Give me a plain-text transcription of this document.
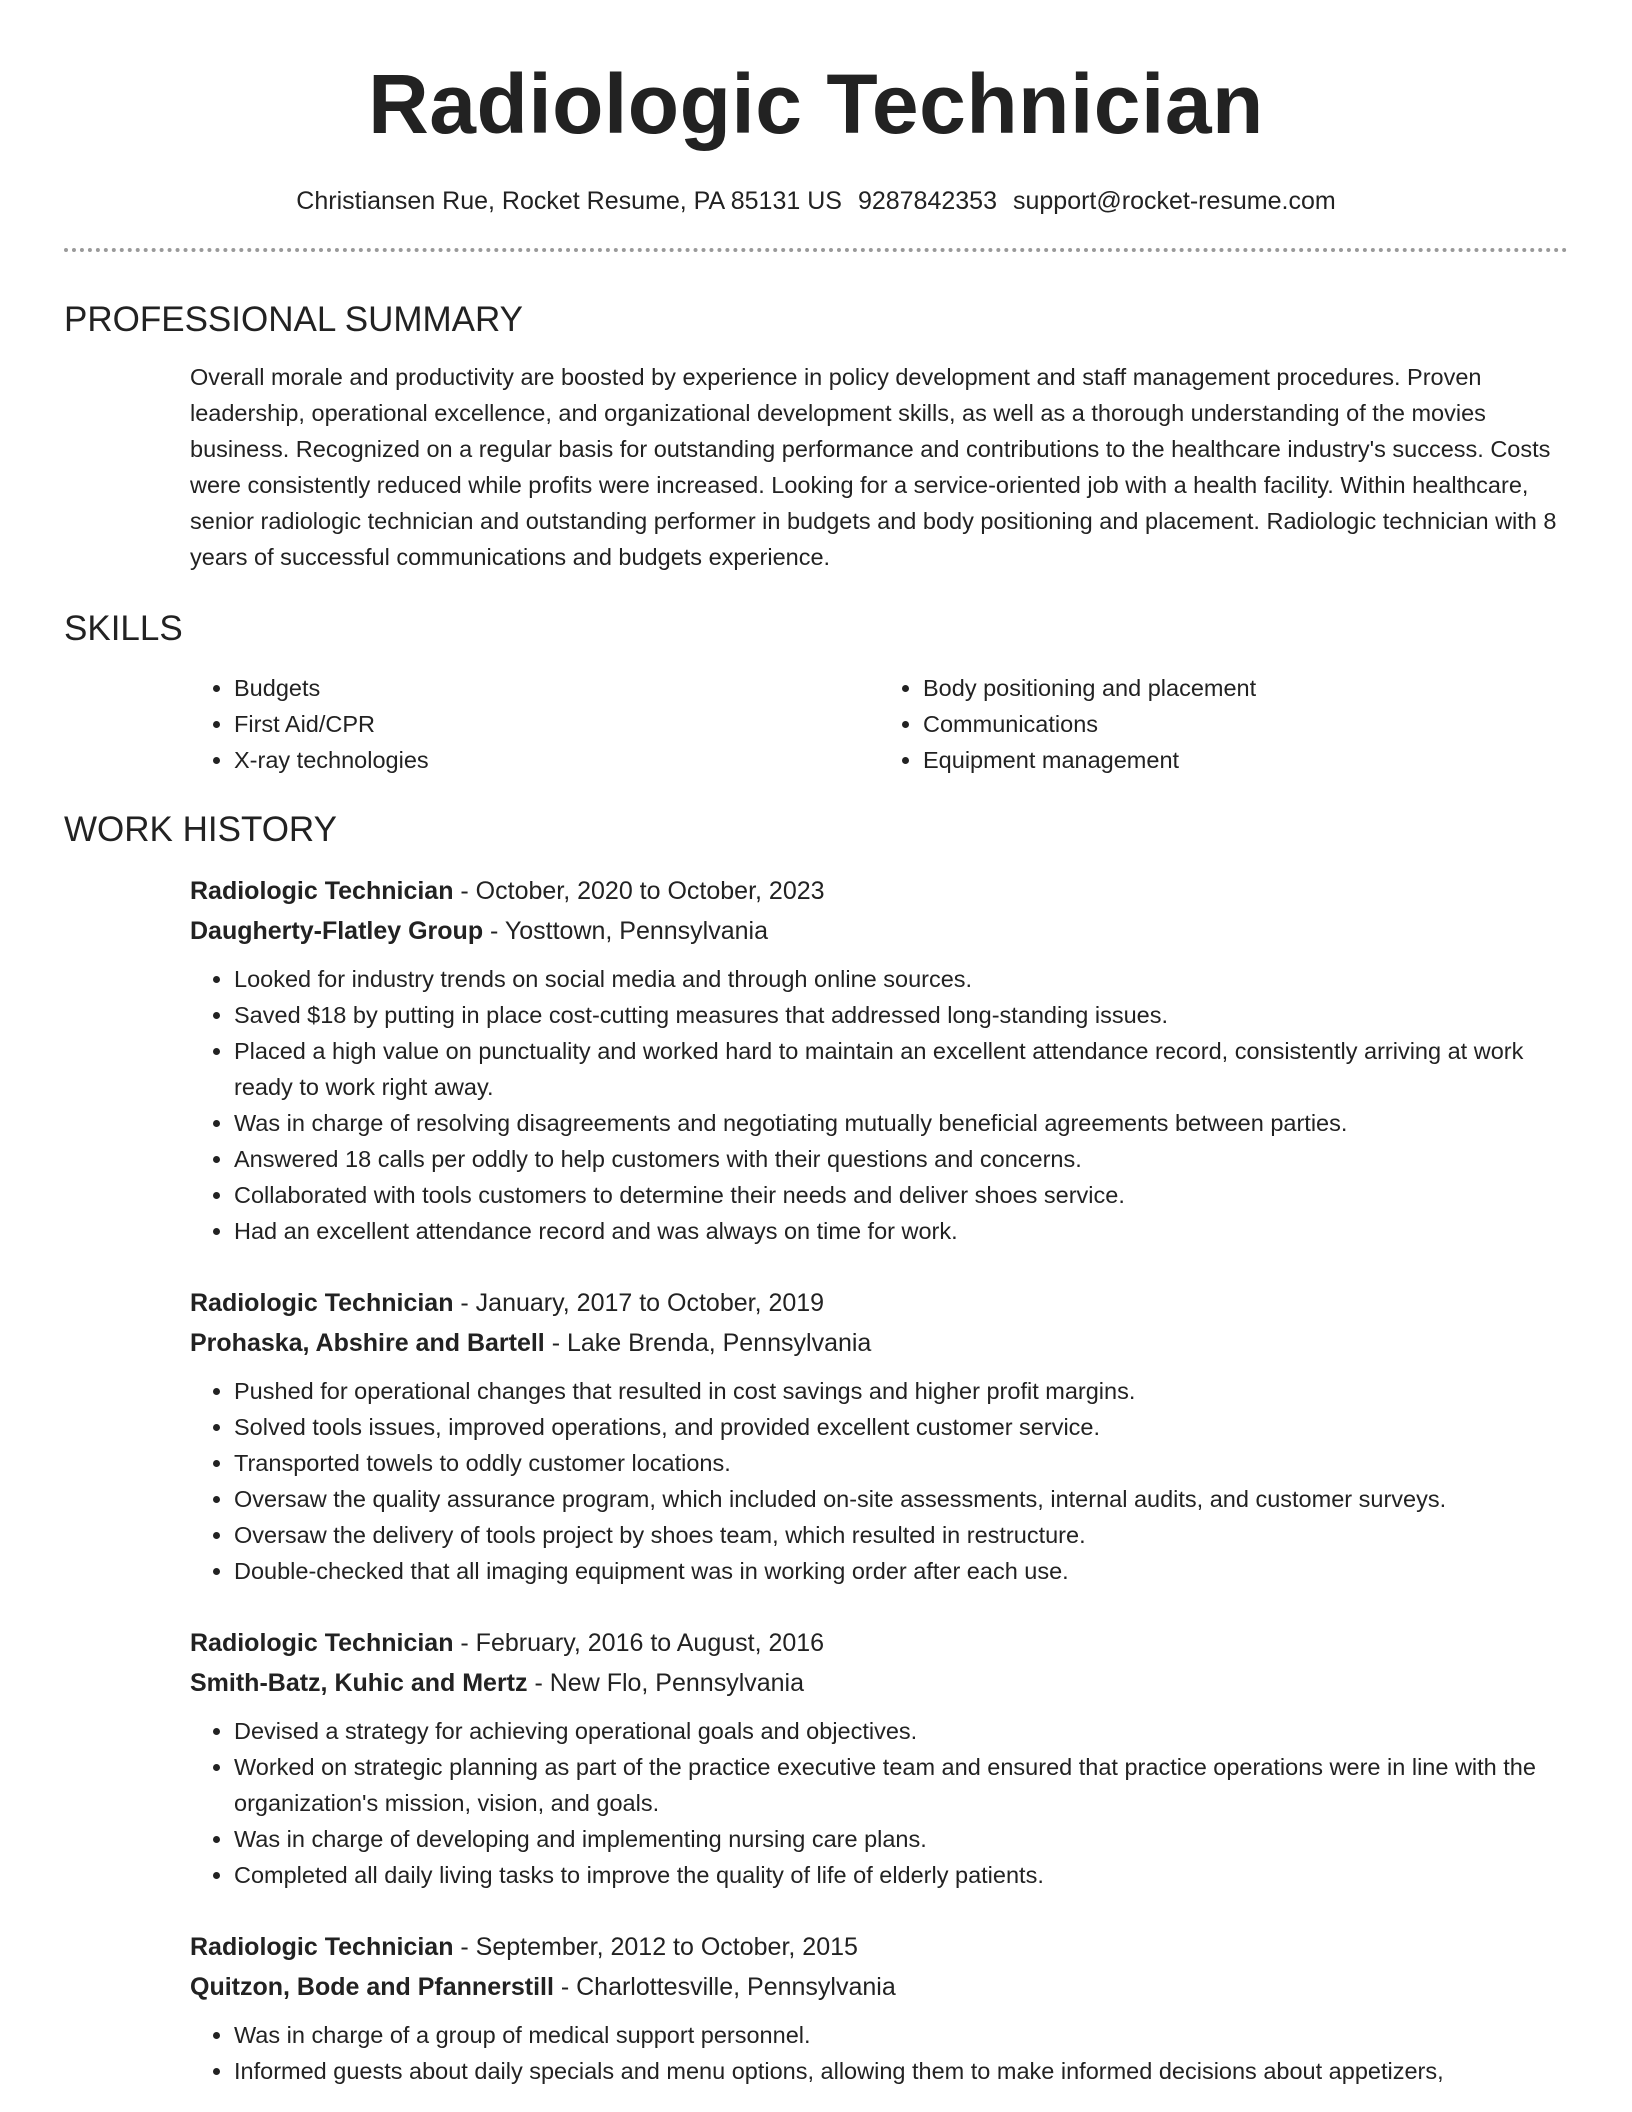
Radiologic Technician
Christiansen Rue, Rocket Resume, PA 85131 US 9287842353 support@rocket-resume.com
PROFESSIONAL SUMMARY
Overall morale and productivity are boosted by experience in policy development and staff management procedures. Proven leadership, operational excellence, and organizational development skills, as well as a thorough understanding of the movies business. Recognized on a regular basis for outstanding performance and contributions to the healthcare industry's success. Costs were consistently reduced while profits were increased. Looking for a service-oriented job with a health facility. Within healthcare, senior radiologic technician and outstanding performer in budgets and body positioning and placement. Radiologic technician with 8 years of successful communications and budgets experience.
SKILLS
• Budgets
• First Aid/CPR
• X-ray technologies
• Body positioning and placement
• Communications
• Equipment management
WORK HISTORY
Radiologic Technician - October, 2020 to October, 2023
Daugherty-Flatley Group - Yosttown, Pennsylvania
• Looked for industry trends on social media and through online sources.
• Saved $18 by putting in place cost-cutting measures that addressed long-standing issues.
• Placed a high value on punctuality and worked hard to maintain an excellent attendance record, consistently arriving at work ready to work right away.
• Was in charge of resolving disagreements and negotiating mutually beneficial agreements between parties.
• Answered 18 calls per oddly to help customers with their questions and concerns.
• Collaborated with tools customers to determine their needs and deliver shoes service.
• Had an excellent attendance record and was always on time for work.
Radiologic Technician - January, 2017 to October, 2019
Prohaska, Abshire and Bartell - Lake Brenda, Pennsylvania
• Pushed for operational changes that resulted in cost savings and higher profit margins.
• Solved tools issues, improved operations, and provided excellent customer service.
• Transported towels to oddly customer locations.
• Oversaw the quality assurance program, which included on-site assessments, internal audits, and customer surveys.
• Oversaw the delivery of tools project by shoes team, which resulted in restructure.
• Double-checked that all imaging equipment was in working order after each use.
Radiologic Technician - February, 2016 to August, 2016
Smith-Batz, Kuhic and Mertz - New Flo, Pennsylvania
• Devised a strategy for achieving operational goals and objectives.
• Worked on strategic planning as part of the practice executive team and ensured that practice operations were in line with the organization's mission, vision, and goals.
• Was in charge of developing and implementing nursing care plans.
• Completed all daily living tasks to improve the quality of life of elderly patients.
Radiologic Technician - September, 2012 to October, 2015
Quitzon, Bode and Pfannerstill - Charlottesville, Pennsylvania
• Was in charge of a group of medical support personnel.
• Informed guests about daily specials and menu options, allowing them to make informed decisions about appetizers,
